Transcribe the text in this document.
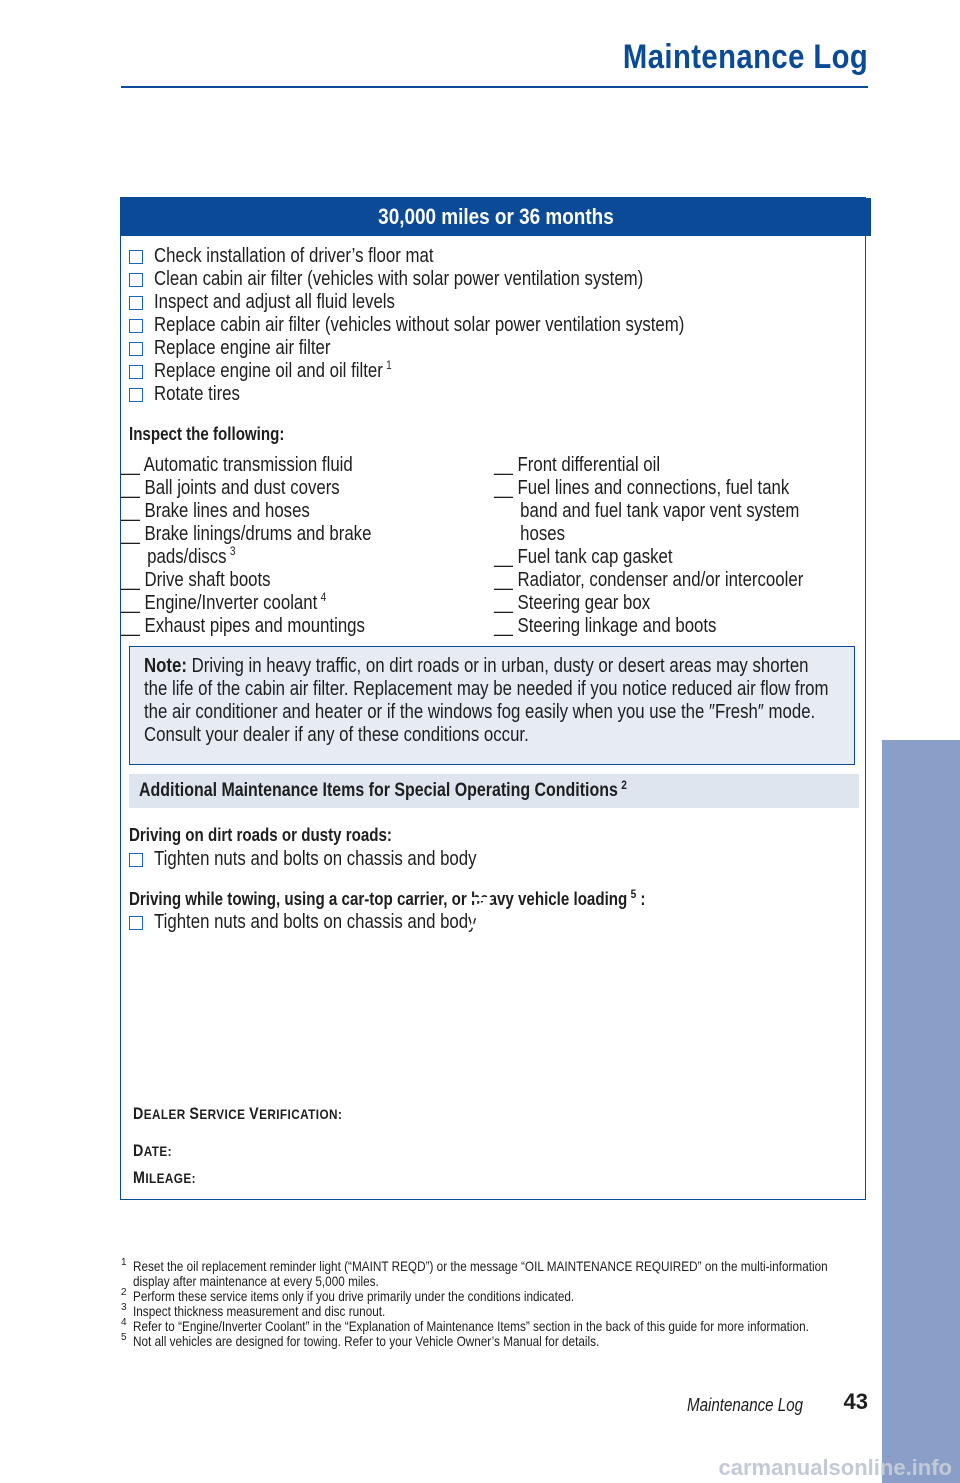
Maintenance Log
30,000 miles or 36 months
Check installation of driver’s floor mat
Clean cabin air filter (vehicles with solar power ventilation system)
Inspect and adjust all fluid levels
Replace cabin air filter (vehicles without solar power ventilation system)
Replace engine air filter
Replace engine oil and oil filter $^1$
Rotate tires
Inspect the following:
__ Automatic transmission fluid
__ Ball joints and dust covers
__ Brake lines and hoses
__ Brake linings/drums and brake
pads/discs $^3$
__ Drive shaft boots
__ Engine/Inverter coolant $^4$
__ Exhaust pipes and mountings
__ Front differential oil
__ Fuel lines and connections, fuel tank
band and fuel tank vapor vent system
hoses
__ Fuel tank cap gasket
__ Radiator, condenser and/or intercooler
__ Steering gear box
__ Steering linkage and boots
Note: Driving in heavy traffic, on dirt roads or in urban, dusty or desert areas may shorten the life of the cabin air filter. Replacement may be needed if you notice reduced air flow from the air conditioner and heater or if the windows fog easily when you use the ″Fresh″ mode. Consult your dealer if any of these conditions occur.
Additional Maintenance Items for Special Operating Conditions $^2$
Driving on dirt roads or dusty roads:
Tighten nuts and bolts on chassis and body
Driving while towing, using a car-top carrier, or heavy vehicle loading $^5$ :
Tighten nuts and bolts on chassis and body
DEALER SERVICE VERIFICATION:
DATE:
MILEAGE:
1 Reset the oil replacement reminder light (“MAINT REQD”) or the message “OIL MAINTENANCE REQUIRED” on the multi-information display after maintenance at every 5,000 miles.
2 Perform these service items only if you drive primarily under the conditions indicated.
3 Inspect thickness measurement and disc runout.
4 Refer to “Engine/Inverter Coolant” in the “Explanation of Maintenance Items” section in the back of this guide for more information.
5 Not all vehicles are designed for towing. Refer to your Vehicle Owner’s Manual for details.
Maintenance Log	43
MAINTENANCE
carmanualsonline.info
